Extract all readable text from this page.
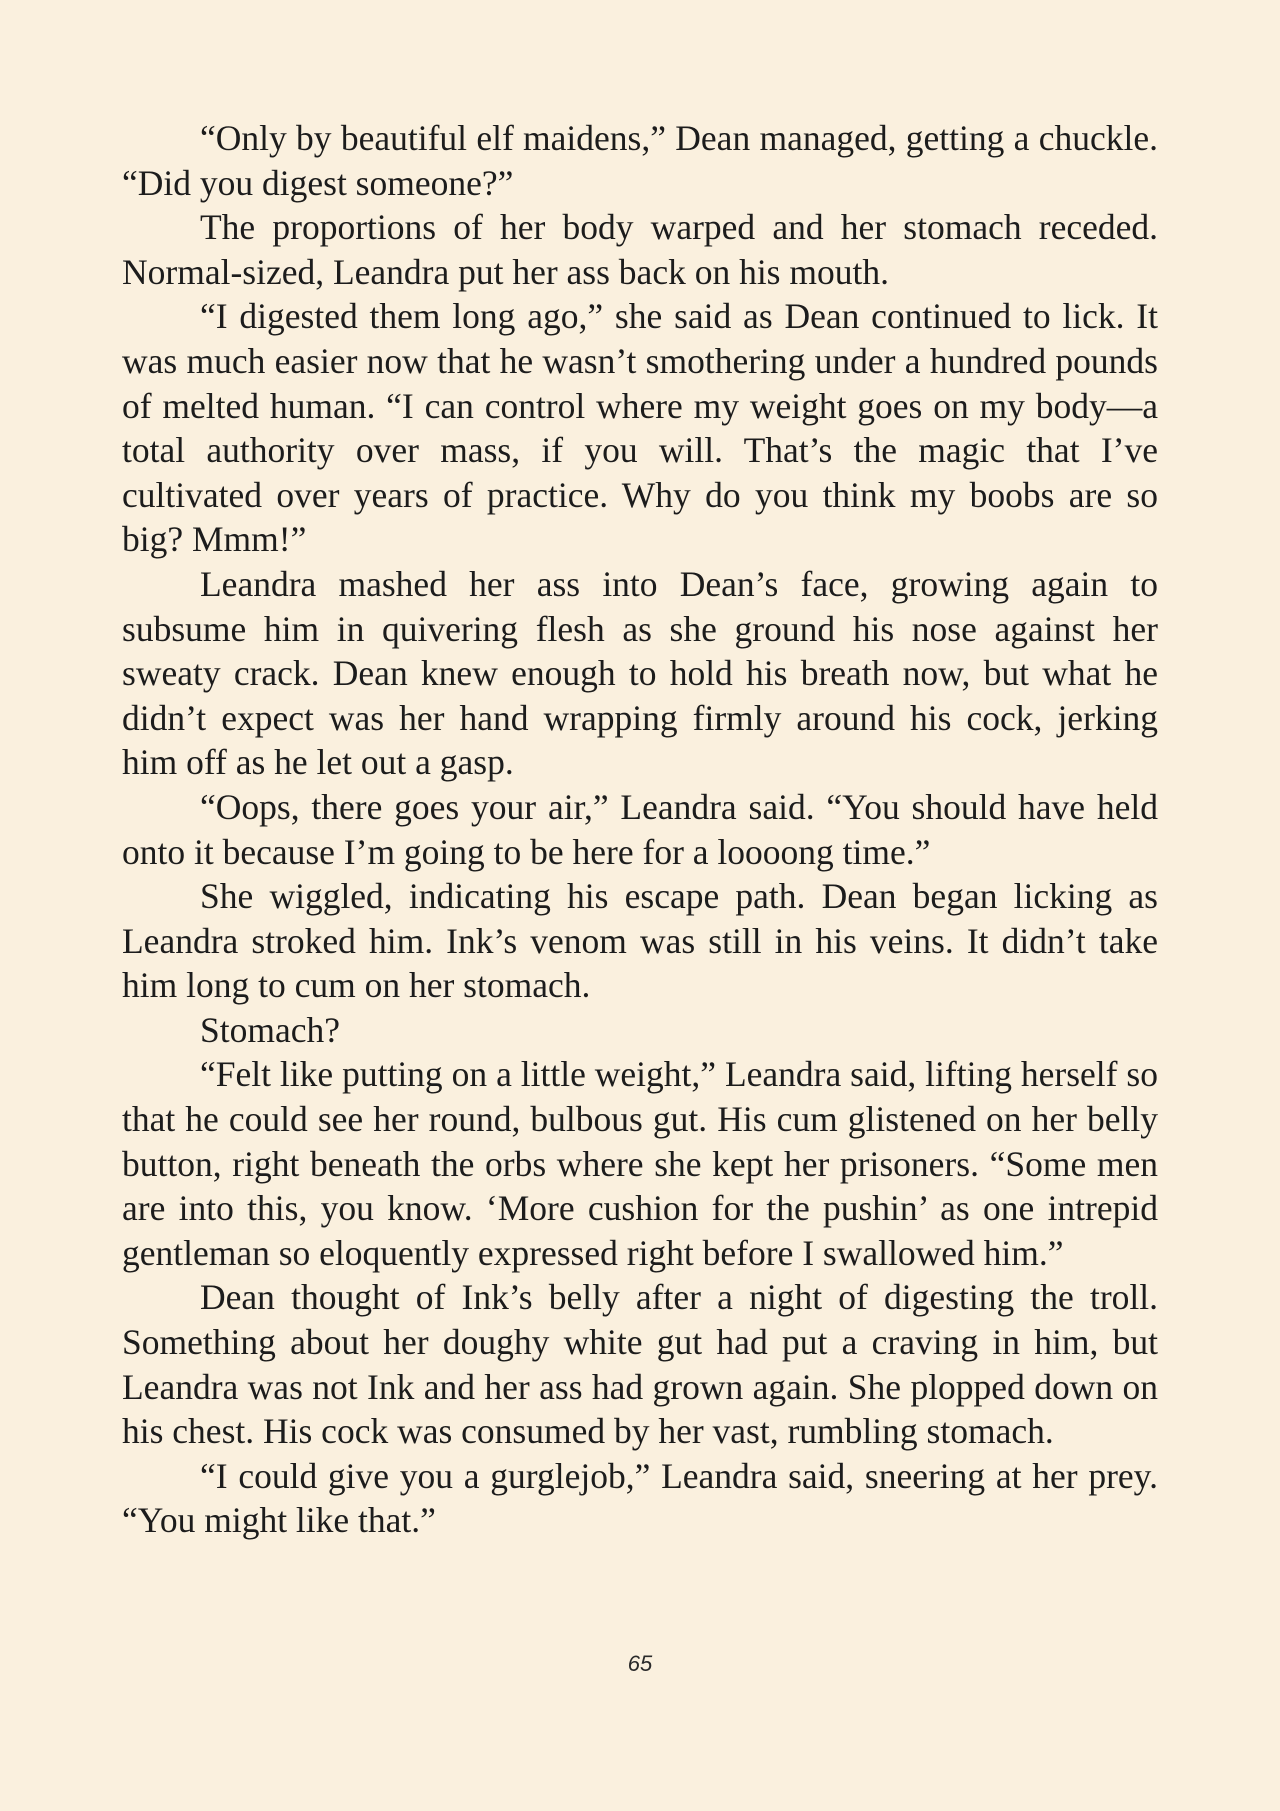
“Only by beautiful elf maidens,” Dean managed, getting a chuckle. “Did you digest someone?”

The proportions of her body warped and her stomach receded. Normal-sized, Leandra put her ass back on his mouth.

“I digested them long ago,” she said as Dean continued to lick. It was much easier now that he wasn’t smothering under a hundred pounds of melted human. “I can control where my weight goes on my body—a total authority over mass, if you will. That’s the magic that I’ve cultivated over years of practice. Why do you think my boobs are so big? Mmm!”

Leandra mashed her ass into Dean’s face, growing again to subsume him in quivering flesh as she ground his nose against her sweaty crack. Dean knew enough to hold his breath now, but what he didn’t expect was her hand wrapping firmly around his cock, jerking him off as he let out a gasp.

“Oops, there goes your air,” Leandra said. “You should have held onto it because I’m going to be here for a loooong time.”

She wiggled, indicating his escape path. Dean began licking as Leandra stroked him. Ink’s venom was still in his veins. It didn’t take him long to cum on her stomach.

Stomach?

“Felt like putting on a little weight,” Leandra said, lifting herself so that he could see her round, bulbous gut. His cum glistened on her belly button, right beneath the orbs where she kept her prisoners. “Some men are into this, you know. ‘More cushion for the pushin’ as one intrepid gentleman so eloquently expressed right before I swallowed him.”

Dean thought of Ink’s belly after a night of digesting the troll. Something about her doughy white gut had put a craving in him, but Leandra was not Ink and her ass had grown again. She plopped down on his chest. His cock was consumed by her vast, rumbling stomach.

“I could give you a gurglejob,” Leandra said, sneering at her prey. “You might like that.”

65
